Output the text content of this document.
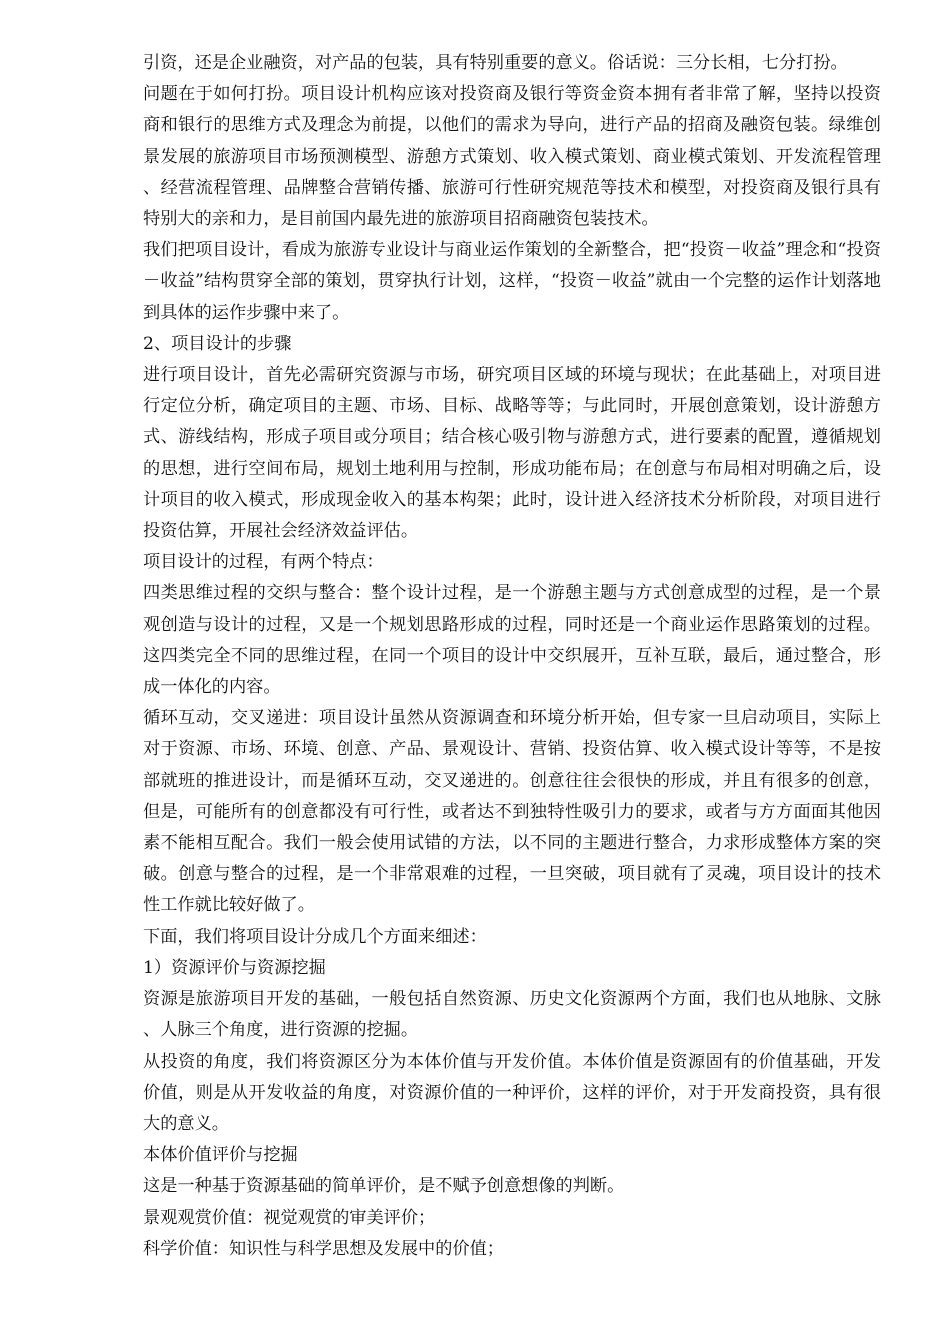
引资，还是企业融资，对产品的包装，具有特别重要的意义。俗话说：三分长相，七分打扮。

问题在于如何打扮。项目设计机构应该对投资商及银行等资金资本拥有者非常了解，坚持以投资商和银行的思维方式及理念为前提，以他们的需求为导向，进行产品的招商及融资包装。绿维创景发展的旅游项目市场预测模型、游憩方式策划、收入模式策划、商业模式策划、开发流程管理、经营流程管理、品牌整合营销传播、旅游可行性研究规范等技术和模型，对投资商及银行具有特别大的亲和力，是目前国内最先进的旅游项目招商融资包装技术。

我们把项目设计，看成为旅游专业设计与商业运作策划的全新整合，把“投资－收益”理念和“投资－收益”结构贯穿全部的策划，贯穿执行计划，这样，“投资－收益”就由一个完整的运作计划落地到具体的运作步骤中来了。

2、项目设计的步骤

进行项目设计，首先必需研究资源与市场，研究项目区域的环境与现状；在此基础上，对项目进行定位分析，确定项目的主题、市场、目标、战略等等；与此同时，开展创意策划，设计游憩方式、游线结构，形成子项目或分项目；结合核心吸引物与游憩方式，进行要素的配置，遵循规划的思想，进行空间布局，规划土地利用与控制，形成功能布局；在创意与布局相对明确之后，设计项目的收入模式，形成现金收入的基本构架；此时，设计进入经济技术分析阶段，对项目进行投资估算，开展社会经济效益评估。

项目设计的过程，有两个特点：

四类思维过程的交织与整合：整个设计过程，是一个游憩主题与方式创意成型的过程，是一个景观创造与设计的过程，又是一个规划思路形成的过程，同时还是一个商业运作思路策划的过程。这四类完全不同的思维过程，在同一个项目的设计中交织展开，互补互联，最后，通过整合，形成一体化的内容。

循环互动，交叉递进：项目设计虽然从资源调查和环境分析开始，但专家一旦启动项目，实际上对于资源、市场、环境、创意、产品、景观设计、营销、投资估算、收入模式设计等等，不是按部就班的推进设计，而是循环互动，交叉递进的。创意往往会很快的形成，并且有很多的创意，但是，可能所有的创意都没有可行性，或者达不到独特性吸引力的要求，或者与方方面面其他因素不能相互配合。我们一般会使用试错的方法，以不同的主题进行整合，力求形成整体方案的突破。创意与整合的过程，是一个非常艰难的过程，一旦突破，项目就有了灵魂，项目设计的技术性工作就比较好做了。

下面，我们将项目设计分成几个方面来细述：

1）资源评价与资源挖掘

资源是旅游项目开发的基础，一般包括自然资源、历史文化资源两个方面，我们也从地脉、文脉、人脉三个角度，进行资源的挖掘。

从投资的角度，我们将资源区分为本体价值与开发价值。本体价值是资源固有的价值基础，开发价值，则是从开发收益的角度，对资源价值的一种评价，这样的评价，对于开发商投资，具有很大的意义。

本体价值评价与挖掘

这是一种基于资源基础的简单评价，是不赋予创意想像的判断。

景观观赏价值：视觉观赏的审美评价；

科学价值：知识性与科学思想及发展中的价值；
